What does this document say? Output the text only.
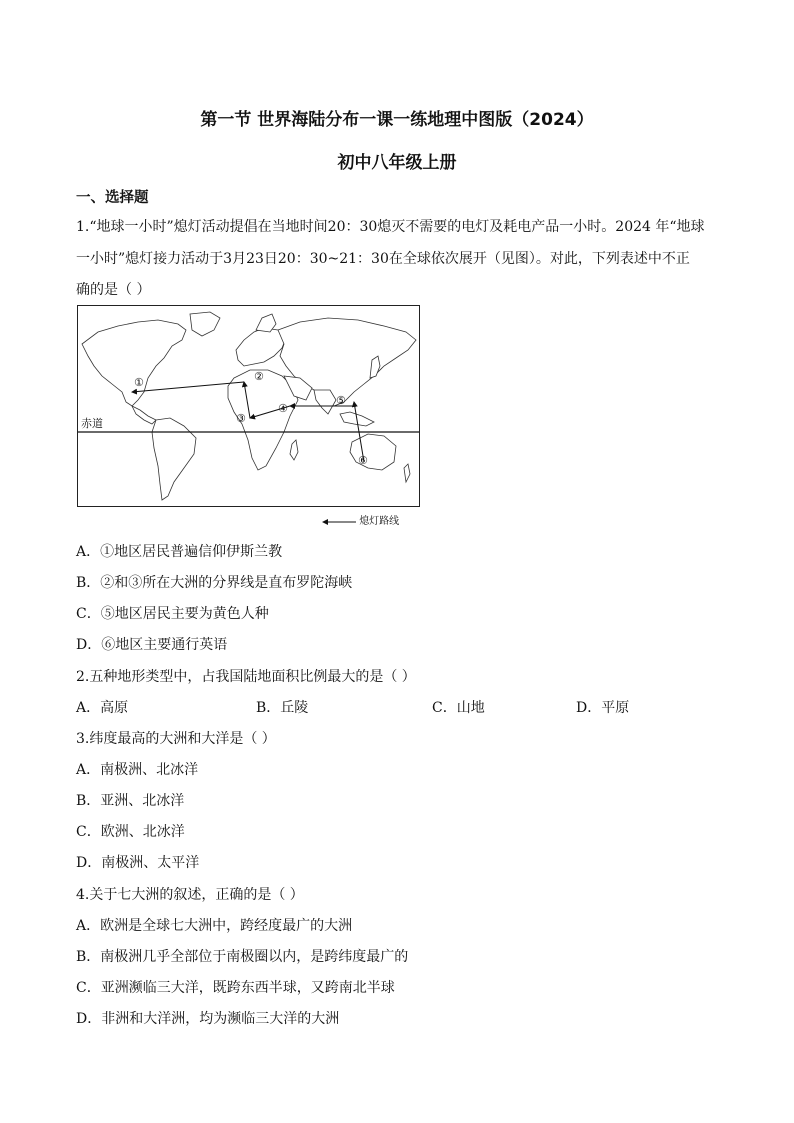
第一节 世界海陆分布一课一练地理中图版（2024）
初中八年级上册
一、选择题
1.“地球一小时”熄灯活动提倡在当地时间20：30熄灭不需要的电灯及耗电产品一小时。2024 年“地球
一小时”熄灯接力活动于3月23日20：30~21：30在全球依次展开（见图）。对此，下列表述中不正
确的是（ ）
赤道
①	②
③
④
⑤
⑥
熄灯路线
A．①地区居民普遍信仰伊斯兰教
B．②和③所在大洲的分界线是直布罗陀海峡
C．⑤地区居民主要为黄色人种
D．⑥地区主要通行英语
2.五种地形类型中，占我国陆地面积比例最大的是（ ）
A．高原	B．丘陵	C．山地	D．平原
3.纬度最高的大洲和大洋是（ ）
A．南极洲、北冰洋
B．亚洲、北冰洋
C．欧洲、北冰洋
D．南极洲、太平洋
4.关于七大洲的叙述，正确的是（ ）
A．欧洲是全球七大洲中，跨经度最广的大洲
B．南极洲几乎全部位于南极圈以内，是跨纬度最广的
C．亚洲濒临三大洋，既跨东西半球，又跨南北半球
D．非洲和大洋洲，均为濒临三大洋的大洲
